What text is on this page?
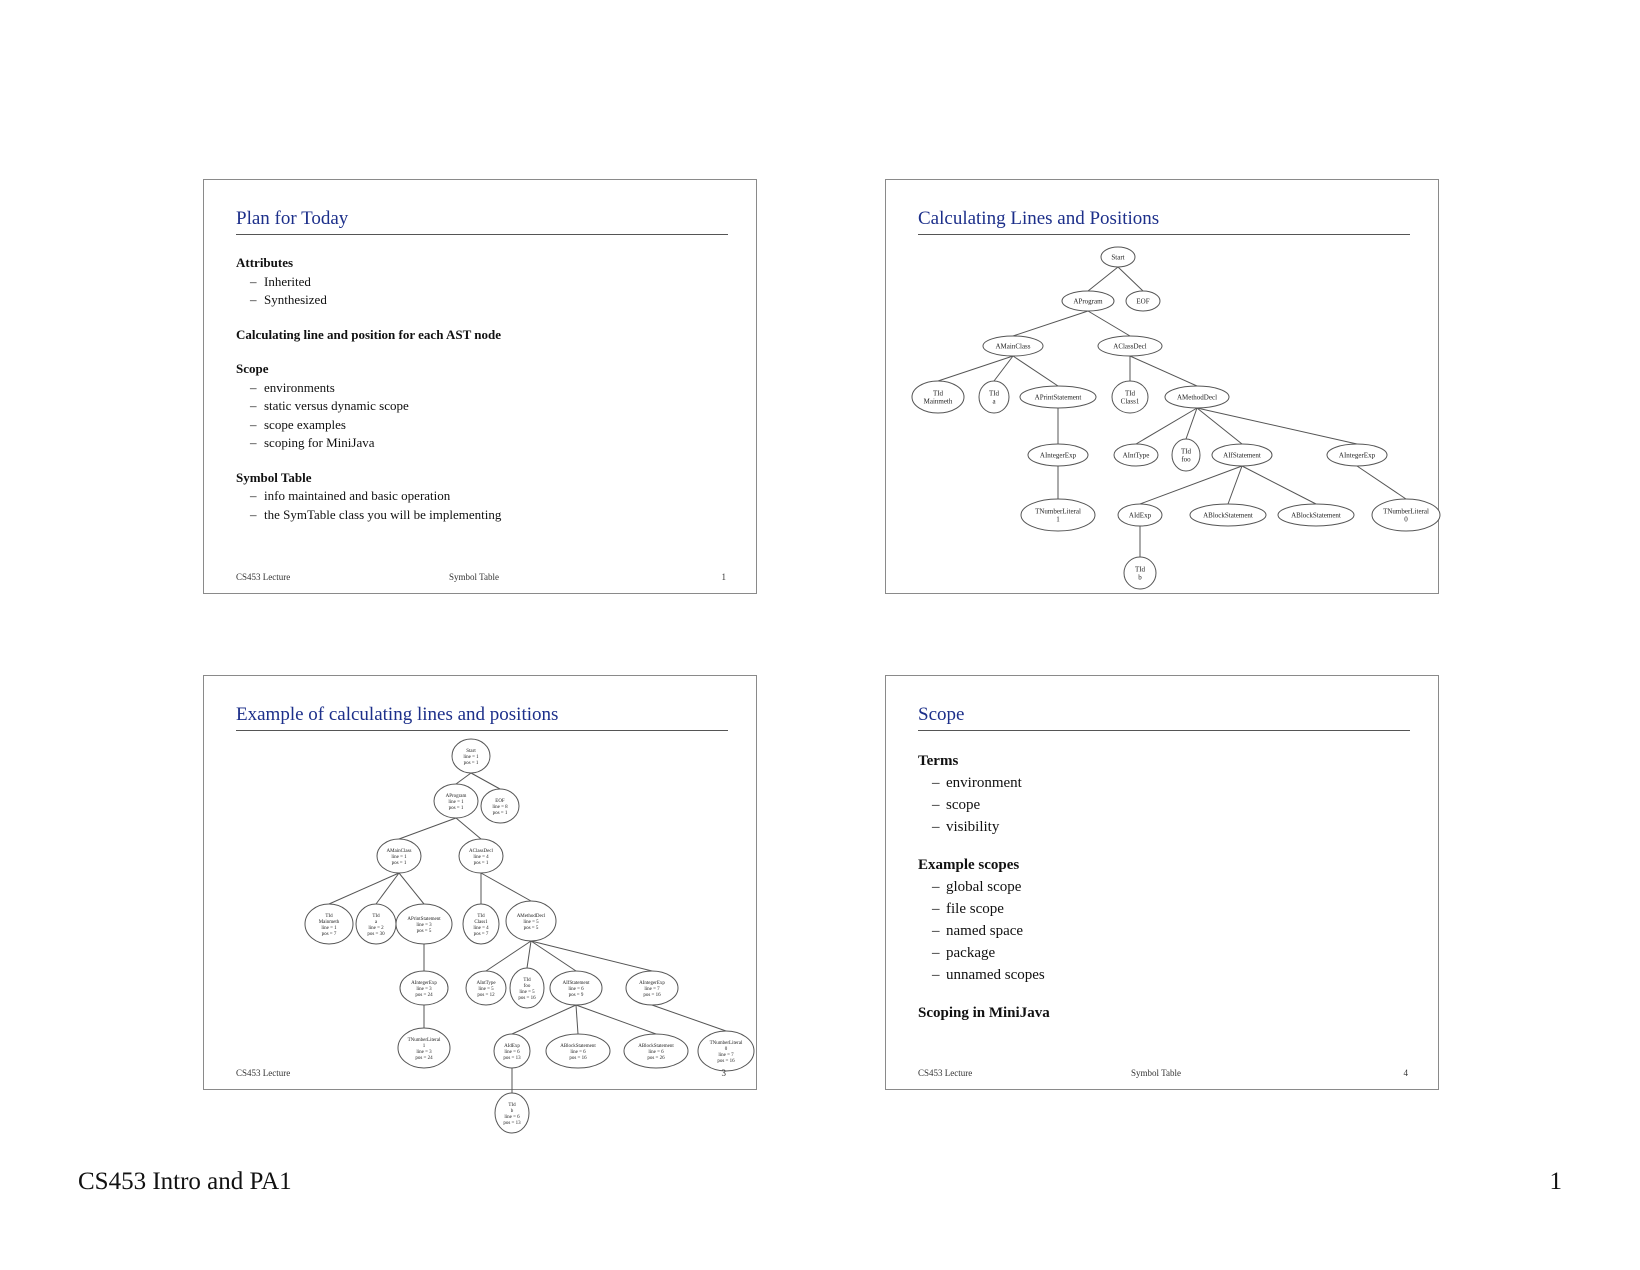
Plan for Today
Attributes
– Inherited
– Synthesized
Calculating line and position for each AST node
Scope
– environments
– static versus dynamic scope
– scope examples
– scoping for MiniJava
Symbol Table
– info maintained and basic operation
– the SymTable class you will be implementing
CS453 Lecture	Symbol Table	1
Calculating Lines and Positions
Start
AProgram	EOF
AMainClass	AClassDecl
TId Mainmeth
TId a	APrintStatement	TId Class1	AMethodDecl
AIntegerExp	AIntType	TId foo	AIfStatement	AIntegerExp
TNumberLiteral 1	AIdExp	ABlockStatement	ABlockStatement	TNumberLiteral 0
TId b
Example of calculating lines and positions
Start line = 1 pos = 1
AProgram line = 1 pos = 1
EOF line = 8 pos = 1
AMainClass line = 1 pos = 1
AClassDecl line = 4 pos = 1
TId Mainmeth line = 1 pos = 7
TId a line = 2 pos = 30
APrintStatement line = 3 pos = 5
TId Class1 line = 4 pos = 7
AMethodDecl line = 5 pos = 5
AIntegerExp line = 3 pos = 24
AIntType line = 5 pos = 12
TId foo line = 5 pos = 16
AIfStatement line = 6 pos = 9
AIntegerExp line = 7 pos = 16
TNumberLiteral 1 line = 3 pos = 24
AIdExp line = 6 pos = 13
ABlockStatement line = 6 pos = 16
ABlockStatement line = 6 pos = 26
TNumberLiteral 0 line = 7 pos = 16
TId b line = 6 pos = 13
CS453 Lecture	3
Scope
Terms
– environment
– scope
– visibility
Example scopes
– global scope
– file scope
– named space
– package
– unnamed scopes
Scoping in MiniJava
CS453 Lecture	Symbol Table	4
CS453 Intro and PA1	1
